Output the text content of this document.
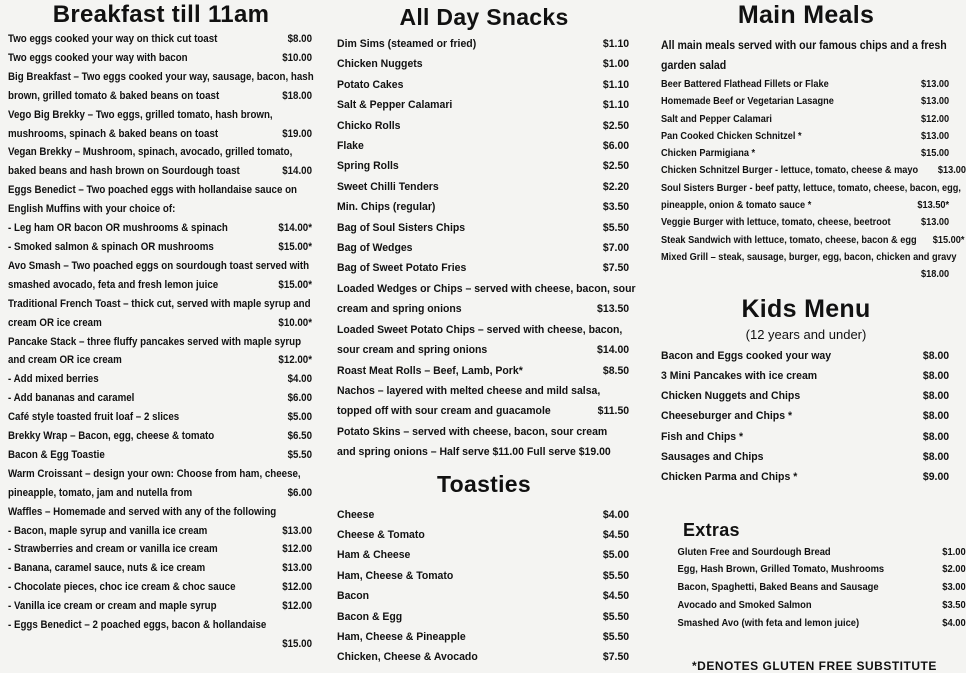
Breakfast till 11am
Two eggs cooked your way on thick cut toast	$8.00
Two eggs cooked your way with bacon	$10.00
Big Breakfast – Two eggs cooked your way, sausage, bacon, hash
brown, grilled tomato & baked beans on toast	$18.00
Vego Big Brekky – Two eggs, grilled tomato, hash brown,
mushrooms, spinach & baked beans on toast	$19.00
Vegan Brekky – Mushroom, spinach, avocado, grilled tomato,
baked beans and hash brown on Sourdough toast	$14.00
Eggs Benedict – Two poached eggs with hollandaise sauce on
English Muffins with your choice of:
- Leg ham OR bacon OR mushrooms & spinach	$14.00*
- Smoked salmon & spinach OR mushrooms	$15.00*
Avo Smash – Two poached eggs on sourdough toast served with
smashed avocado, feta and fresh lemon juice	$15.00*
Traditional French Toast – thick cut, served with maple syrup and
cream OR ice cream	$10.00*
Pancake Stack – three fluffy pancakes served with maple syrup
and cream OR ice cream	$12.00*
- Add mixed berries	$4.00
- Add bananas and caramel	$6.00
Café style toasted fruit loaf – 2 slices	$5.00
Brekky Wrap – Bacon, egg, cheese & tomato	$6.50
Bacon & Egg Toastie	$5.50
Warm Croissant – design your own: Choose from ham, cheese,
pineapple, tomato, jam and nutella from	$6.00
Waffles – Homemade and served with any of the following
- Bacon, maple syrup and vanilla ice cream	$13.00
- Strawberries and cream or vanilla ice cream	$12.00
- Banana, caramel sauce, nuts & ice cream	$13.00
- Chocolate pieces, choc ice cream & choc sauce	$12.00
- Vanilla ice cream or cream and maple syrup	$12.00
- Eggs Benedict – 2 poached eggs, bacon & hollandaise
$15.00
All Day Snacks
Dim Sims (steamed or fried)	$1.10
Chicken Nuggets	$1.00
Potato Cakes	$1.10
Salt & Pepper Calamari	$1.10
Chicko Rolls	$2.50
Flake	$6.00
Spring Rolls	$2.50
Sweet Chilli Tenders	$2.20
Min. Chips (regular)	$3.50
Bag of Soul Sisters Chips	$5.50
Bag of Wedges	$7.00
Bag of Sweet Potato Fries	$7.50
Loaded Wedges or Chips – served with cheese, bacon, sour
cream and spring onions	$13.50
Loaded Sweet Potato Chips – served with cheese, bacon,
sour cream and spring onions	$14.00
Roast Meat Rolls – Beef, Lamb, Pork*	$8.50
Nachos – layered with melted cheese and mild salsa,
topped off with sour cream and guacamole	$11.50
Potato Skins – served with cheese, bacon, sour cream
and spring onions – Half serve $11.00 Full serve $19.00
Toasties
Cheese	$4.00
Cheese & Tomato	$4.50
Ham & Cheese	$5.00
Ham, Cheese & Tomato	$5.50
Bacon	$4.50
Bacon & Egg	$5.50
Ham, Cheese & Pineapple	$5.50
Chicken, Cheese & Avocado	$7.50
Main Meals
All main meals served with our famous chips and a fresh
garden salad
Beer Battered Flathead Fillets or Flake	$13.00
Homemade Beef or Vegetarian Lasagne	$13.00
Salt and Pepper Calamari	$12.00
Pan Cooked Chicken Schnitzel *	$13.00
Chicken Parmigiana *	$15.00
Chicken Schnitzel Burger - lettuce, tomato, cheese & mayo	$13.00
Soul Sisters Burger - beef patty, lettuce, tomato, cheese, bacon, egg,
pineapple, onion & tomato sauce *	$13.50*
Veggie Burger with lettuce, tomato, cheese, beetroot	$13.00
Steak Sandwich with lettuce, tomato, cheese, bacon & egg	$15.00*
Mixed Grill – steak, sausage, burger, egg, bacon, chicken and gravy
$18.00
Kids Menu
(12 years and under)
Bacon and Eggs cooked your way	$8.00
3 Mini Pancakes with ice cream	$8.00
Chicken Nuggets and Chips	$8.00
Cheeseburger and Chips *	$8.00
Fish and Chips *	$8.00
Sausages and Chips	$8.00
Chicken Parma and Chips *	$9.00
Extras
Gluten Free and Sourdough Bread	$1.00
Egg, Hash Brown, Grilled Tomato, Mushrooms	$2.00
Bacon, Spaghetti, Baked Beans and Sausage	$3.00
Avocado and Smoked Salmon	$3.50
Smashed Avo (with feta and lemon juice)	$4.00
*DENOTES GLUTEN FREE SUBSTITUTE
